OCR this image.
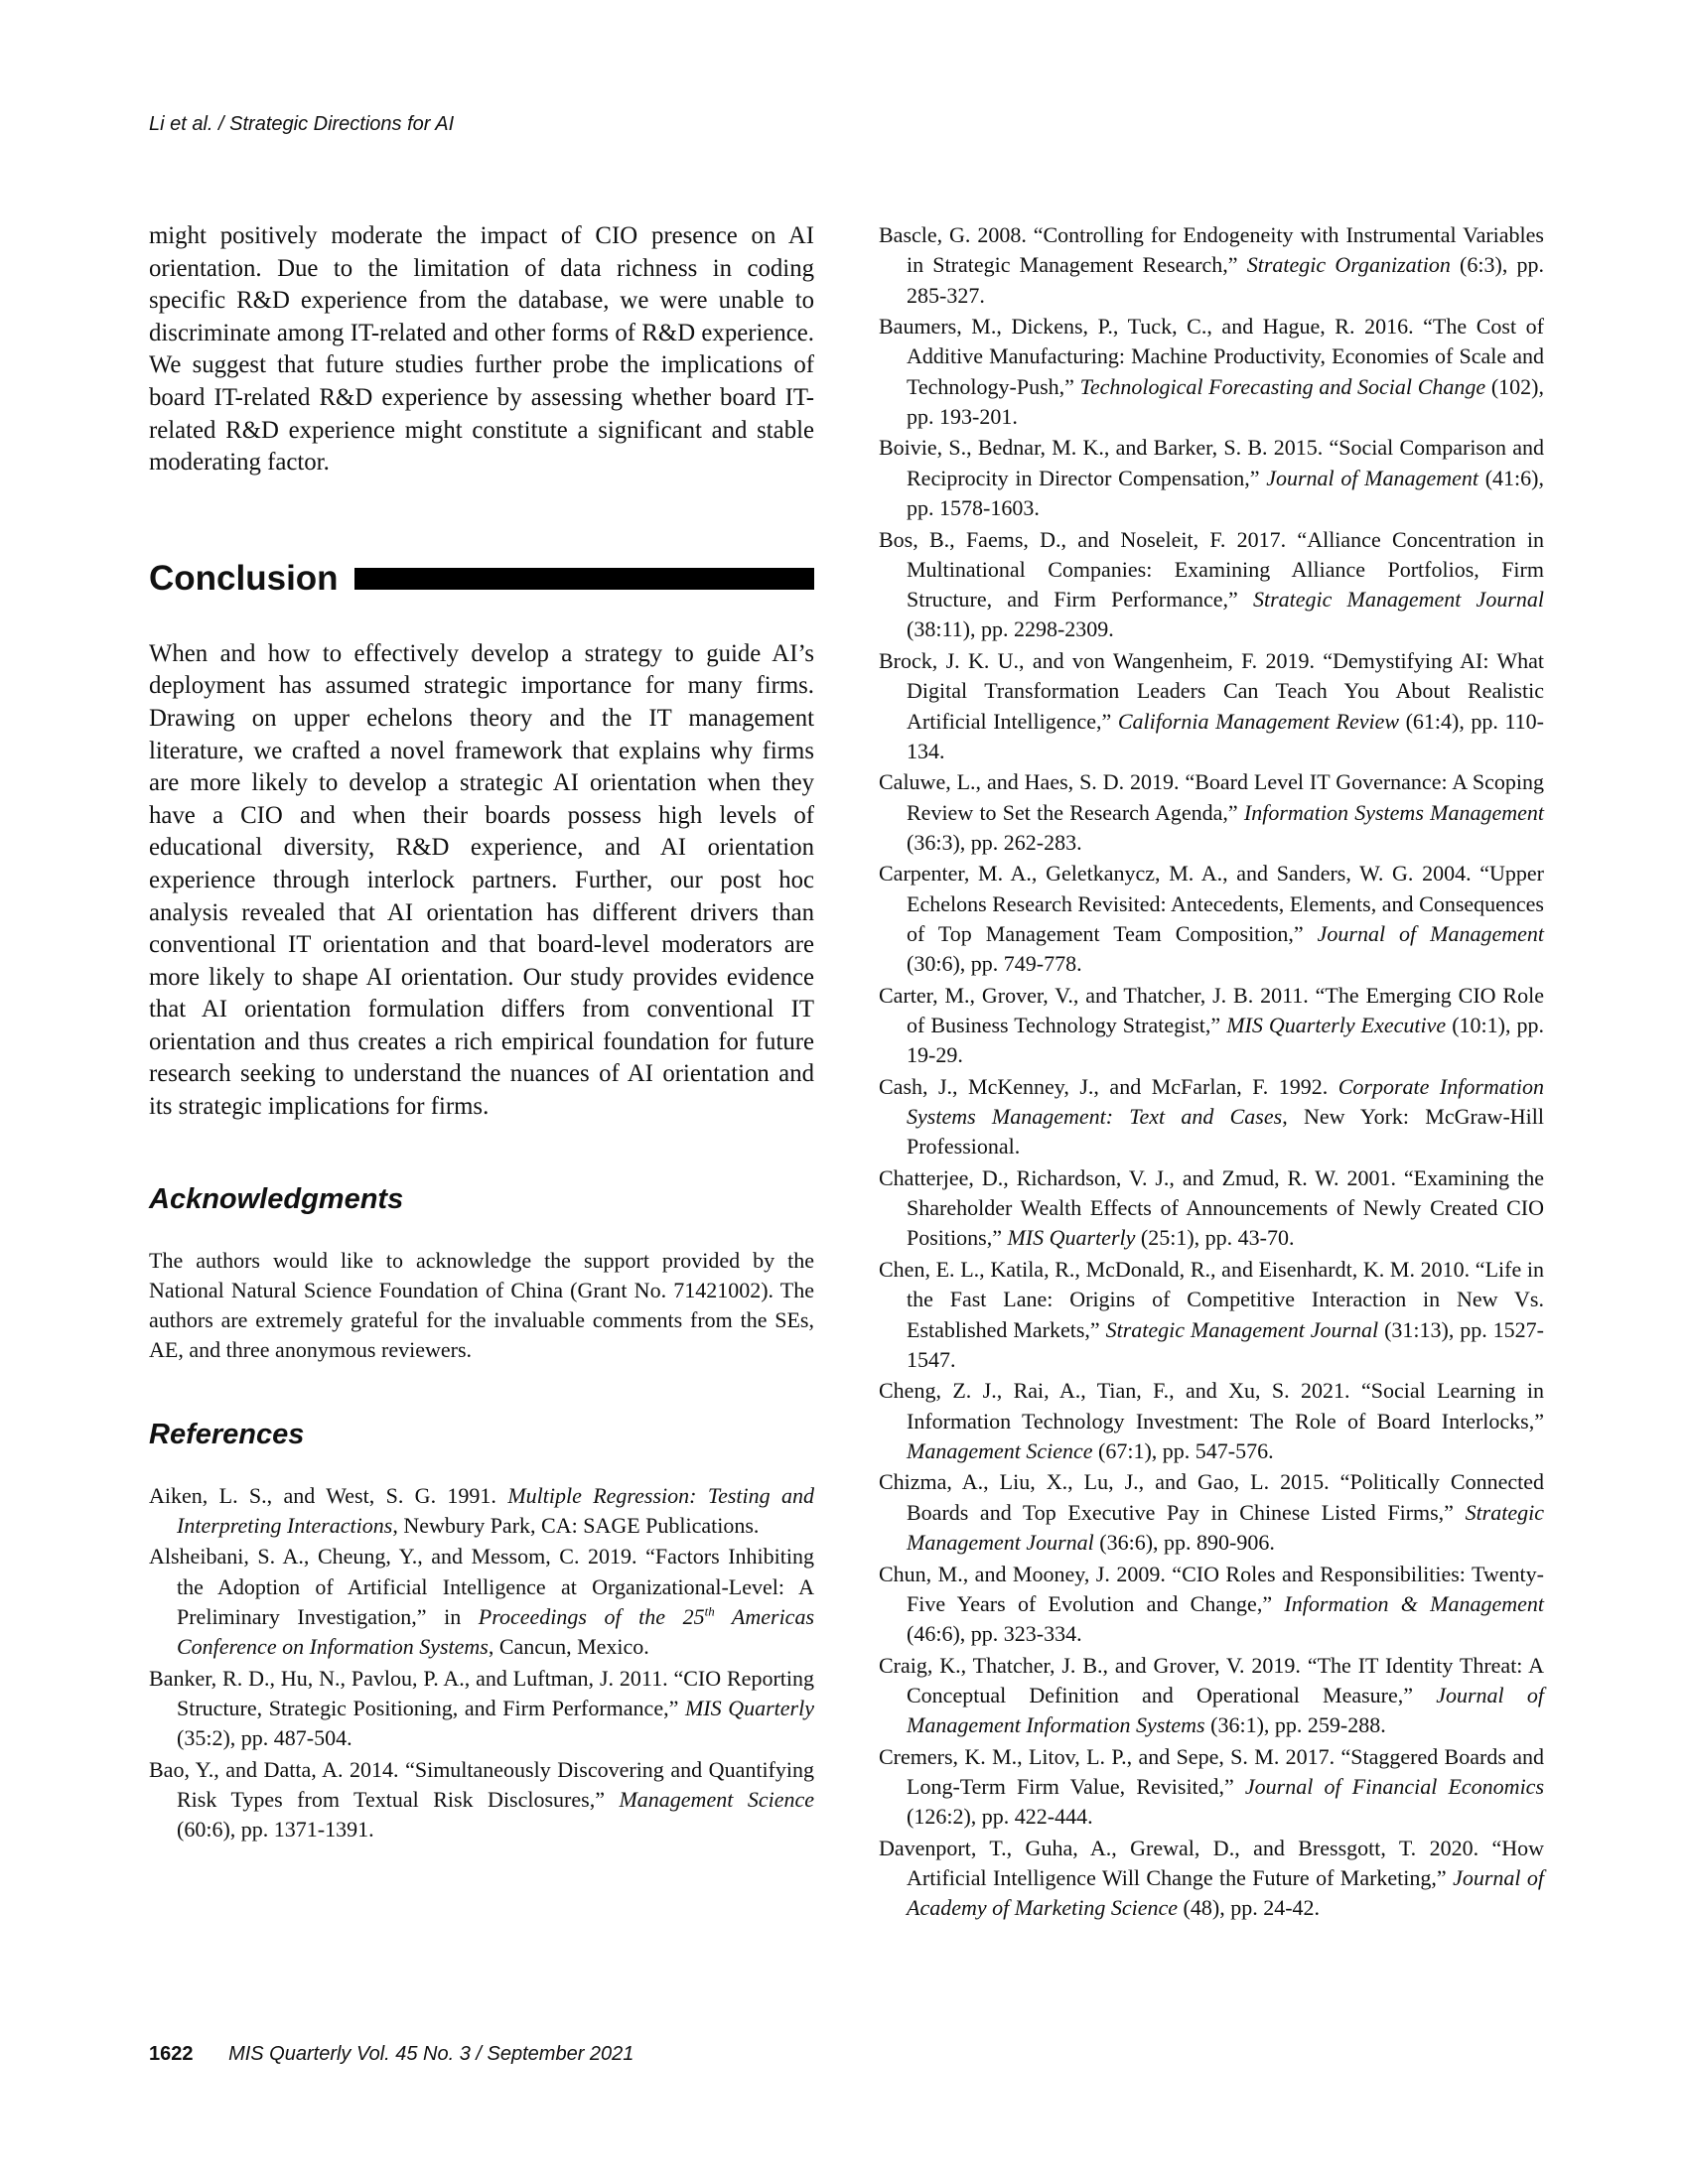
Li et al. / Strategic Directions for AI

might positively moderate the impact of CIO presence on AI orientation. Due to the limitation of data richness in coding specific R&D experience from the database, we were unable to discriminate among IT-related and other forms of R&D experience. We suggest that future studies further probe the implications of board IT-related R&D experience by assessing whether board IT-related R&D experience might constitute a significant and stable moderating factor.

Conclusion

When and how to effectively develop a strategy to guide AI’s deployment has assumed strategic importance for many firms. Drawing on upper echelons theory and the IT management literature, we crafted a novel framework that explains why firms are more likely to develop a strategic AI orientation when they have a CIO and when their boards possess high levels of educational diversity, R&D experience, and AI orientation experience through interlock partners. Further, our post hoc analysis revealed that AI orientation has different drivers than conventional IT orientation and that board-level moderators are more likely to shape AI orientation. Our study provides evidence that AI orientation formulation differs from conventional IT orientation and thus creates a rich empirical foundation for future research seeking to understand the nuances of AI orientation and its strategic implications for firms.

Acknowledgments

The authors would like to acknowledge the support provided by the National Natural Science Foundation of China (Grant No. 71421002). The authors are extremely grateful for the invaluable comments from the SEs, AE, and three anonymous reviewers.

References
Aiken, L. S., and West, S. G. 1991. Multiple Regression: Testing and Interpreting Interactions, Newbury Park, CA: SAGE Publications.
Alsheibani, S. A., Cheung, Y., and Messom, C. 2019. “Factors Inhibiting the Adoption of Artificial Intelligence at Organizational-Level: A Preliminary Investigation,” in Proceedings of the 25th Americas Conference on Information Systems, Cancun, Mexico.
Banker, R. D., Hu, N., Pavlou, P. A., and Luftman, J. 2011. “CIO Reporting Structure, Strategic Positioning, and Firm Performance,” MIS Quarterly (35:2), pp. 487-504.
Bao, Y., and Datta, A. 2014. “Simultaneously Discovering and Quantifying Risk Types from Textual Risk Disclosures,” Management Science (60:6), pp. 1371-1391.
Bascle, G. 2008. “Controlling for Endogeneity with Instrumental Variables in Strategic Management Research,” Strategic Organization (6:3), pp. 285-327.
Baumers, M., Dickens, P., Tuck, C., and Hague, R. 2016. “The Cost of Additive Manufacturing: Machine Productivity, Economies of Scale and Technology-Push,” Technological Forecasting and Social Change (102), pp. 193-201.
Boivie, S., Bednar, M. K., and Barker, S. B. 2015. “Social Comparison and Reciprocity in Director Compensation,” Journal of Management (41:6), pp. 1578-1603.
Bos, B., Faems, D., and Noseleit, F. 2017. “Alliance Concentration in Multinational Companies: Examining Alliance Portfolios, Firm Structure, and Firm Performance,” Strategic Management Journal (38:11), pp. 2298-2309.
Brock, J. K. U., and von Wangenheim, F. 2019. “Demystifying AI: What Digital Transformation Leaders Can Teach You About Realistic Artificial Intelligence,” California Management Review (61:4), pp. 110-134.
Caluwe, L., and Haes, S. D. 2019. “Board Level IT Governance: A Scoping Review to Set the Research Agenda,” Information Systems Management (36:3), pp. 262-283.
Carpenter, M. A., Geletkanycz, M. A., and Sanders, W. G. 2004. “Upper Echelons Research Revisited: Antecedents, Elements, and Consequences of Top Management Team Composition,” Journal of Management (30:6), pp. 749-778.
Carter, M., Grover, V., and Thatcher, J. B. 2011. “The Emerging CIO Role of Business Technology Strategist,” MIS Quarterly Executive (10:1), pp. 19-29.
Cash, J., McKenney, J., and McFarlan, F. 1992. Corporate Information Systems Management: Text and Cases, New York: McGraw-Hill Professional.
Chatterjee, D., Richardson, V. J., and Zmud, R. W. 2001. “Examining the Shareholder Wealth Effects of Announcements of Newly Created CIO Positions,” MIS Quarterly (25:1), pp. 43-70.
Chen, E. L., Katila, R., McDonald, R., and Eisenhardt, K. M. 2010. “Life in the Fast Lane: Origins of Competitive Interaction in New Vs. Established Markets,” Strategic Management Journal (31:13), pp. 1527-1547.
Cheng, Z. J., Rai, A., Tian, F., and Xu, S. 2021. “Social Learning in Information Technology Investment: The Role of Board Interlocks,” Management Science (67:1), pp. 547-576.
Chizma, A., Liu, X., Lu, J., and Gao, L. 2015. “Politically Connected Boards and Top Executive Pay in Chinese Listed Firms,” Strategic Management Journal (36:6), pp. 890-906.
Chun, M., and Mooney, J. 2009. “CIO Roles and Responsibilities: Twenty-Five Years of Evolution and Change,” Information & Management (46:6), pp. 323-334.
Craig, K., Thatcher, J. B., and Grover, V. 2019. “The IT Identity Threat: A Conceptual Definition and Operational Measure,” Journal of Management Information Systems (36:1), pp. 259-288.
Cremers, K. M., Litov, L. P., and Sepe, S. M. 2017. “Staggered Boards and Long-Term Firm Value, Revisited,” Journal of Financial Economics (126:2), pp. 422-444.
Davenport, T., Guha, A., Grewal, D., and Bressgott, T. 2020. “How Artificial Intelligence Will Change the Future of Marketing,” Journal of Academy of Marketing Science (48), pp. 24-42.
1622 MIS Quarterly Vol. 45 No. 3 / September 2021
